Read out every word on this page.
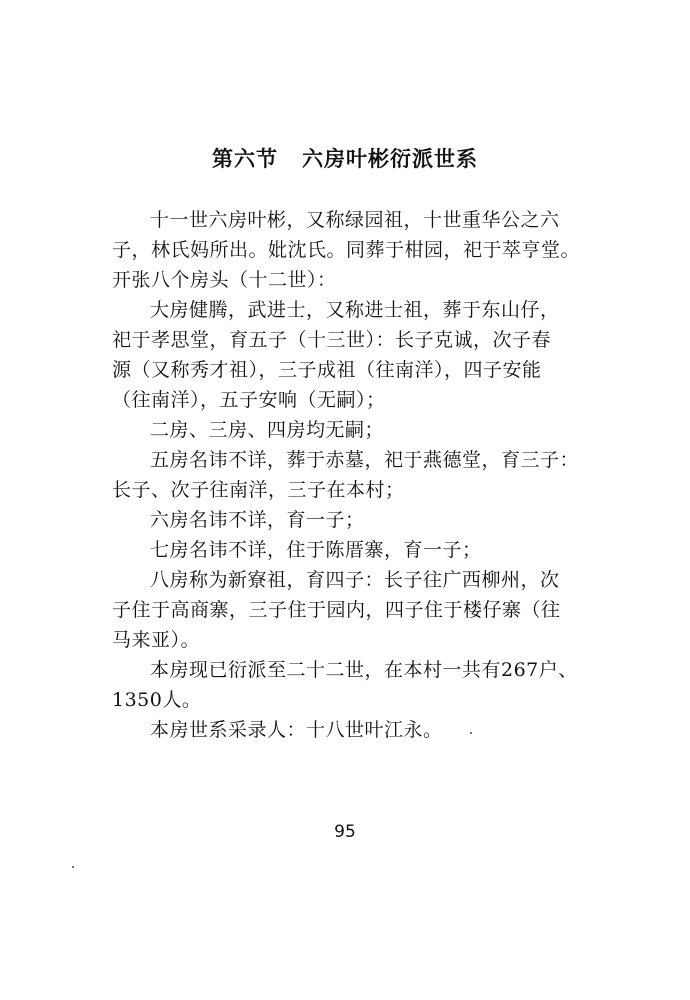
第六节 六房叶彬衍派世系
十一世六房叶彬，又称绿园祖，十世重华公之六
子，林氏妈所出。妣沈氏。同葬于柑园，祀于萃亨堂。
开张八个房头（十二世）：
大房健腾，武进士，又称进士祖，葬于东山仔，
祀于孝思堂，育五子（十三世）：长子克诚，次子春
源（又称秀才祖），三子成祖（往南洋），四子安能
（往南洋），五子安响（无嗣）；
二房、三房、四房均无嗣；
五房名讳不详，葬于赤墓，祀于燕德堂，育三子：
长子、次子往南洋，三子在本村；
六房名讳不详，育一子；
七房名讳不详，住于陈厝寨，育一子；
八房称为新寮祖，育四子：长子往广西柳州，次
子住于高商寨，三子住于园内，四子住于楼仔寨（往
马来亚）。
本房现已衍派至二十二世，在本村一共有267户、
1350人。
本房世系采录人：十八世叶江永。
95
